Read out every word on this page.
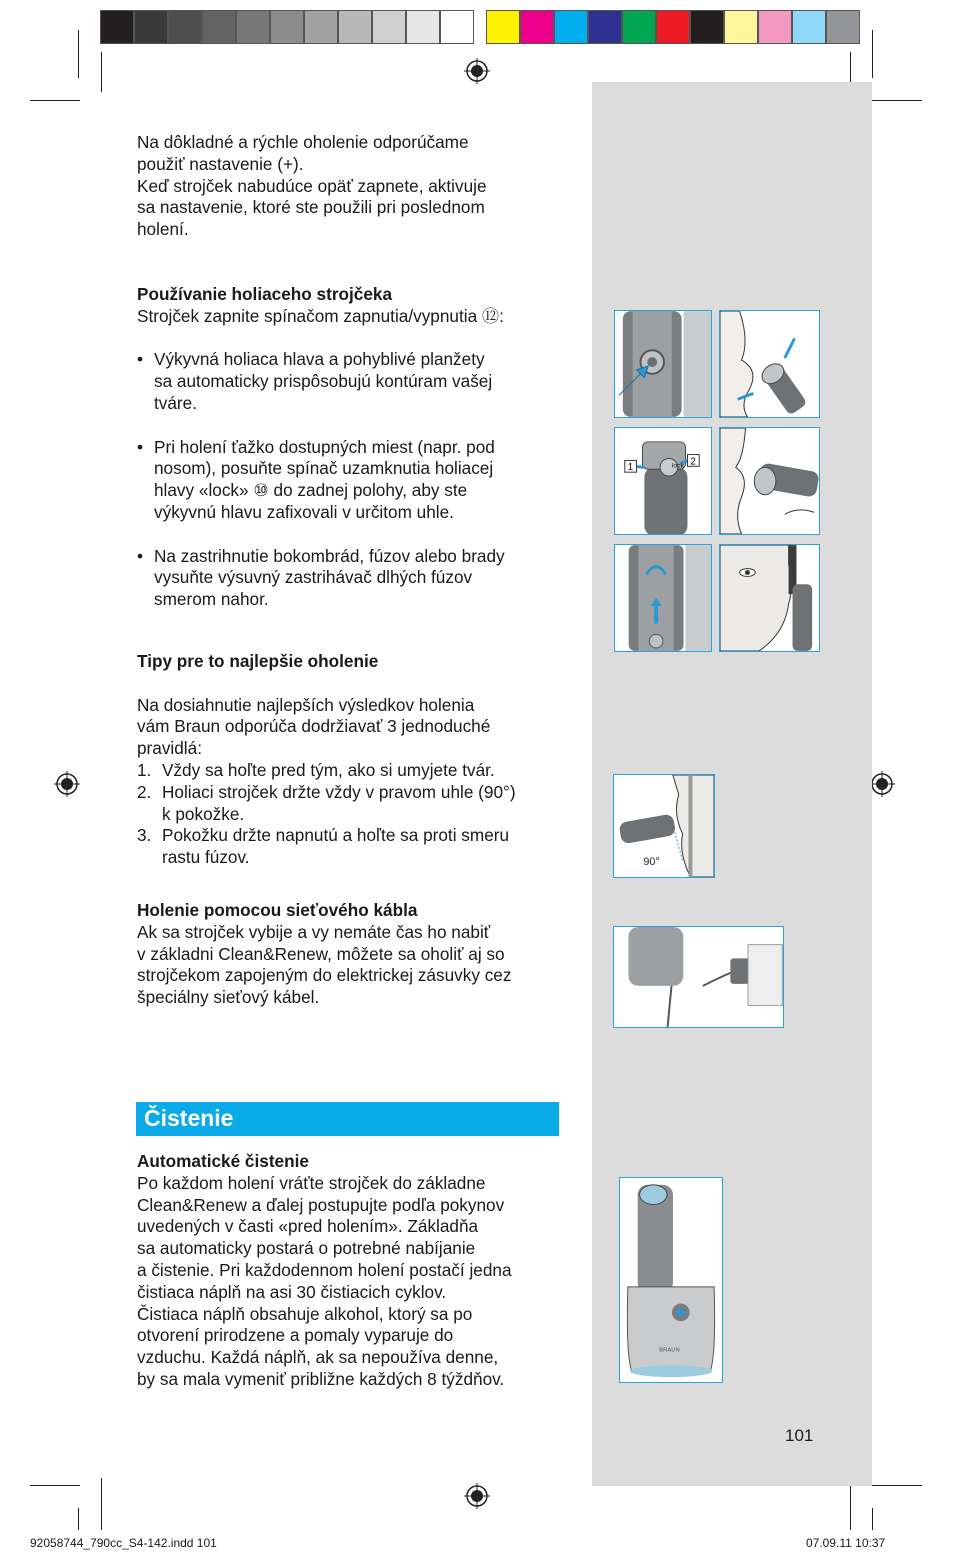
Na dôkladné a rýchle oholenie odporúčame

použiť nastavenie (+).

Keď strojček nabudúce opäť zapnete, aktivuje

sa nastavenie, ktoré ste použili pri poslednom

holení.

Používanie holiaceho strojčeka

Strojček zapnite spínačom zapnutia/vypnutia ⑫:

• Výkyvná holiaca hlava a pohyblivé planžety

sa automaticky prispôsobujú kontúram vašej

tváre.

• Pri holení ťažko dostupných miest (napr. pod

nosom), posuňte spínač uzamknutia holiacej

hlavy «lock» ⑩ do zadnej polohy, aby ste

výkyvnú hlavu zafixovali v určitom uhle.

• Na zastrihnutie bokombrád, fúzov alebo brady

vysuňte výsuvný zastrihávač dlhých fúzov

smerom nahor.

Tipy pre to najlepšie oholenie

Na dosiahnutie najlepších výsledkov holenia

vám Braun odporúča dodržiavať 3 jednoduché

pravidlá:

1. Vždy sa hoľte pred tým, ako si umyjete tvár.

2. Holiaci strojček držte vždy v pravom uhle (90°)

k pokožke.

3. Pokožku držte napnutú a hoľte sa proti smeru

rastu fúzov.

Holenie pomocou sieťového kábla

Ak sa strojček vybije a vy nemáte čas ho nabiť

v základni Clean&Renew, môžete sa oholiť aj so

strojčekom zapojeným do elektrickej zásuvky cez

špeciálny sieťový kábel.

Čistenie

Automatické čistenie

Po každom holení vráťte strojček do základne

Clean&Renew a ďalej postupujte podľa pokynov

uvedených v časti «pred holením». Základňa

sa automaticky postará o potrebné nabíjanie

a čistenie. Pri každodennom holení postačí jedna

čistiaca náplň na asi 30 čistiacich cyklov.

Čistiaca náplň obsahuje alkohol, ktorý sa po

otvorení prirodzene a pomaly vyparuje do

vzduchu. Každá náplň, ak sa nepoužíva denne,

by sa mala vymeniť približne každých 8 týždňov.

1
2
lock
90°
BRAUN
101
92058744_790cc_S4-142.indd 101	07.09.11 10:37
